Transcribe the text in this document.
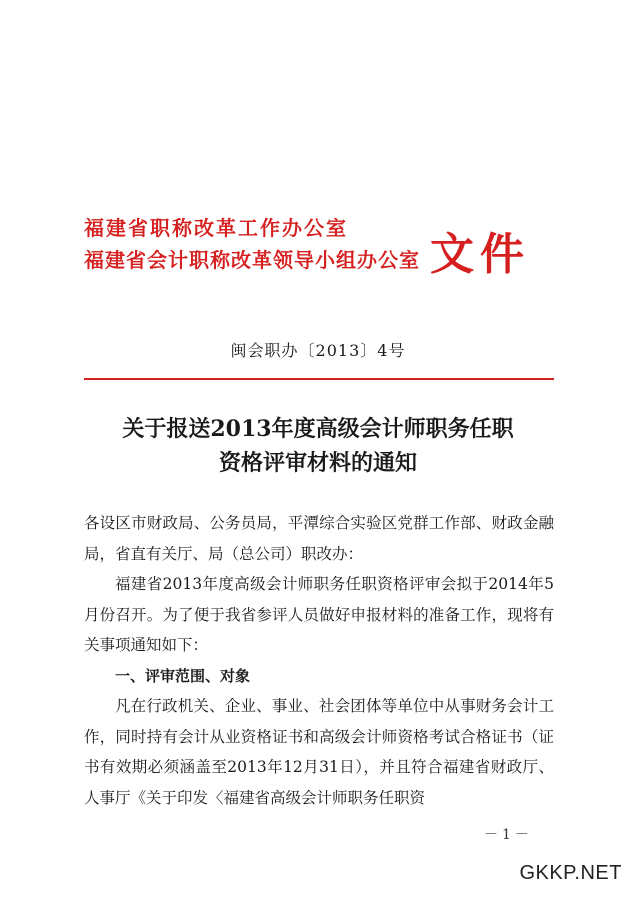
福建省职称改革工作办公室
福建省会计职称改革领导小组办公室 文件
闽会职办〔2013〕4号
关于报送2013年度高级会计师职务任职
资格评审材料的通知

各设区市财政局、公务员局，平潭综合实验区党群工作部、财政金融局，省直有关厅、局（总公司）职改办：

福建省2013年度高级会计师职务任职资格评审会拟于2014年5月份召开。为了便于我省参评人员做好申报材料的准备工作，现将有关事项通知如下：

一、评审范围、对象

凡在行政机关、企业、事业、社会团体等单位中从事财务会计工作，同时持有会计从业资格证书和高级会计师资格考试合格证书（证书有效期必须涵盖至2013年12月31日），并且符合福建省财政厅、人事厅《关于印发〈福建省高级会计师职务任职资

－1－
GKKP.NET
